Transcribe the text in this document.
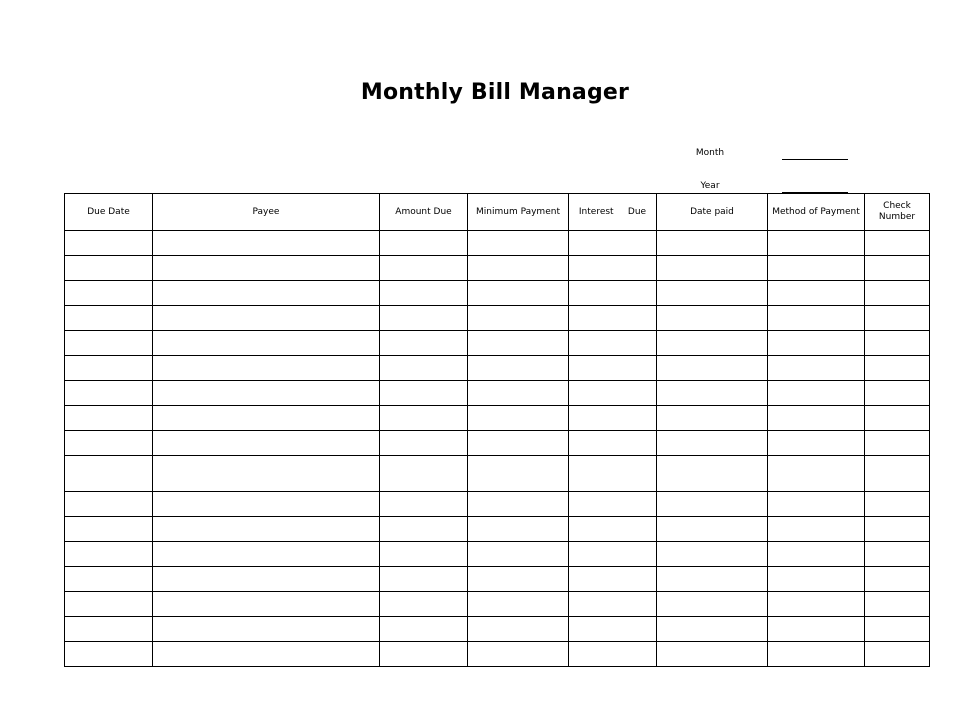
Monthly Bill Manager
Month
Year
Due Date	Payee	Amount Due	Minimum Payment	Interest     Due	Date paid	Method of Payment	Check
Number
